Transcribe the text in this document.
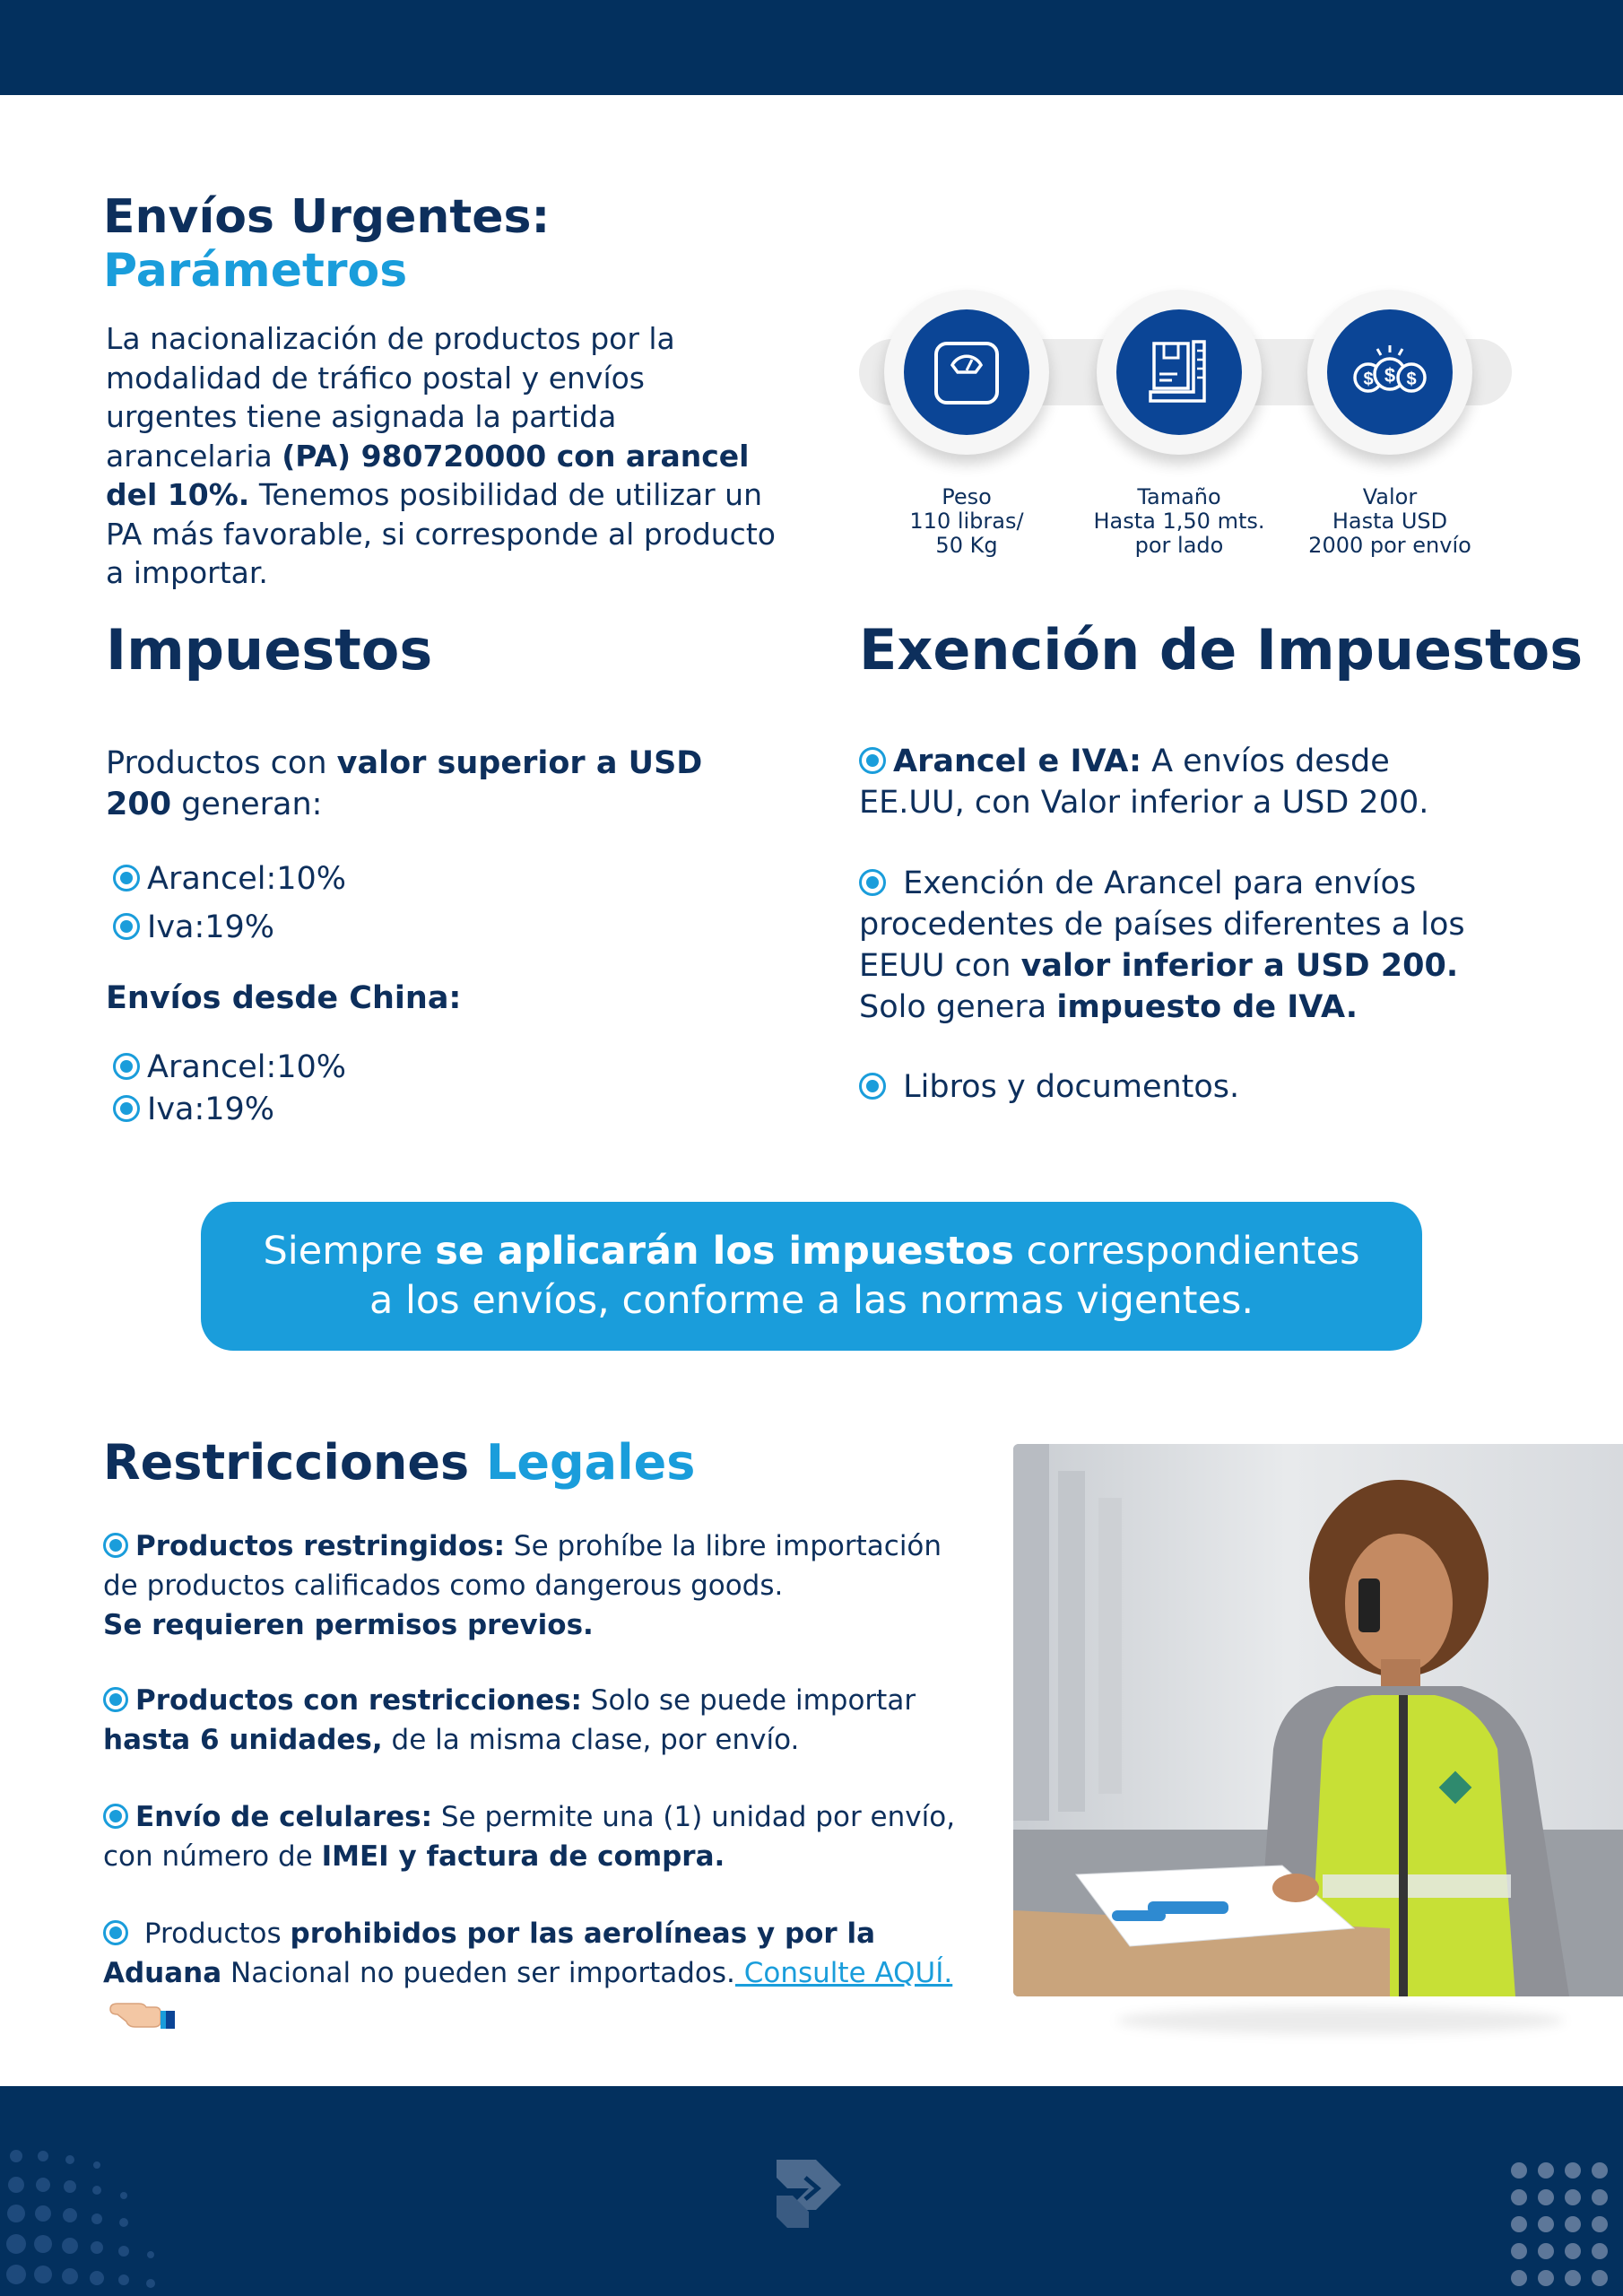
Envíos Urgentes:
Parámetros

La nacionalización de productos por la modalidad de tráfico postal y envíos urgentes tiene asignada la partida arancelaria (PA) 980720000 con arancel del 10%. Tenemos posibilidad de utilizar un PA más favorable, si corresponde al producto a importar.

Peso
110 libras/
50 Kg
Tamaño
Hasta 1,50 mts.
por lado
$ $ $
Valor
Hasta USD
2000 por envío
Impuestos

Productos con valor superior a USD 200 generan:

Arancel:10%
Iva:19%
Envíos desde China:
Arancel:10%
Iva:19%
Exención de Impuestos

Arancel e IVA: A envíos desde EE.UU, con Valor inferior a USD 200.

Exención de Arancel para envíos procedentes de países diferentes a los EEUU con valor inferior a USD 200. Solo genera impuesto de IVA.

Libros y documentos.

Siempre se aplicarán los impuestos correspondientes
a los envíos, conforme a las normas vigentes.
Restricciones Legales

Productos restringidos: Se prohíbe la libre importación de productos calificados como dangerous goods.
Se requieren permisos previos.

Productos con restricciones: Solo se puede importar
hasta 6 unidades, de la misma clase, por envío.

Envío de celulares: Se permite una (1) unidad por envío, con número de IMEI y factura de compra.

Productos prohibidos por las aerolíneas y por la Aduana Nacional no pueden ser importados. Consulte AQUÍ.
